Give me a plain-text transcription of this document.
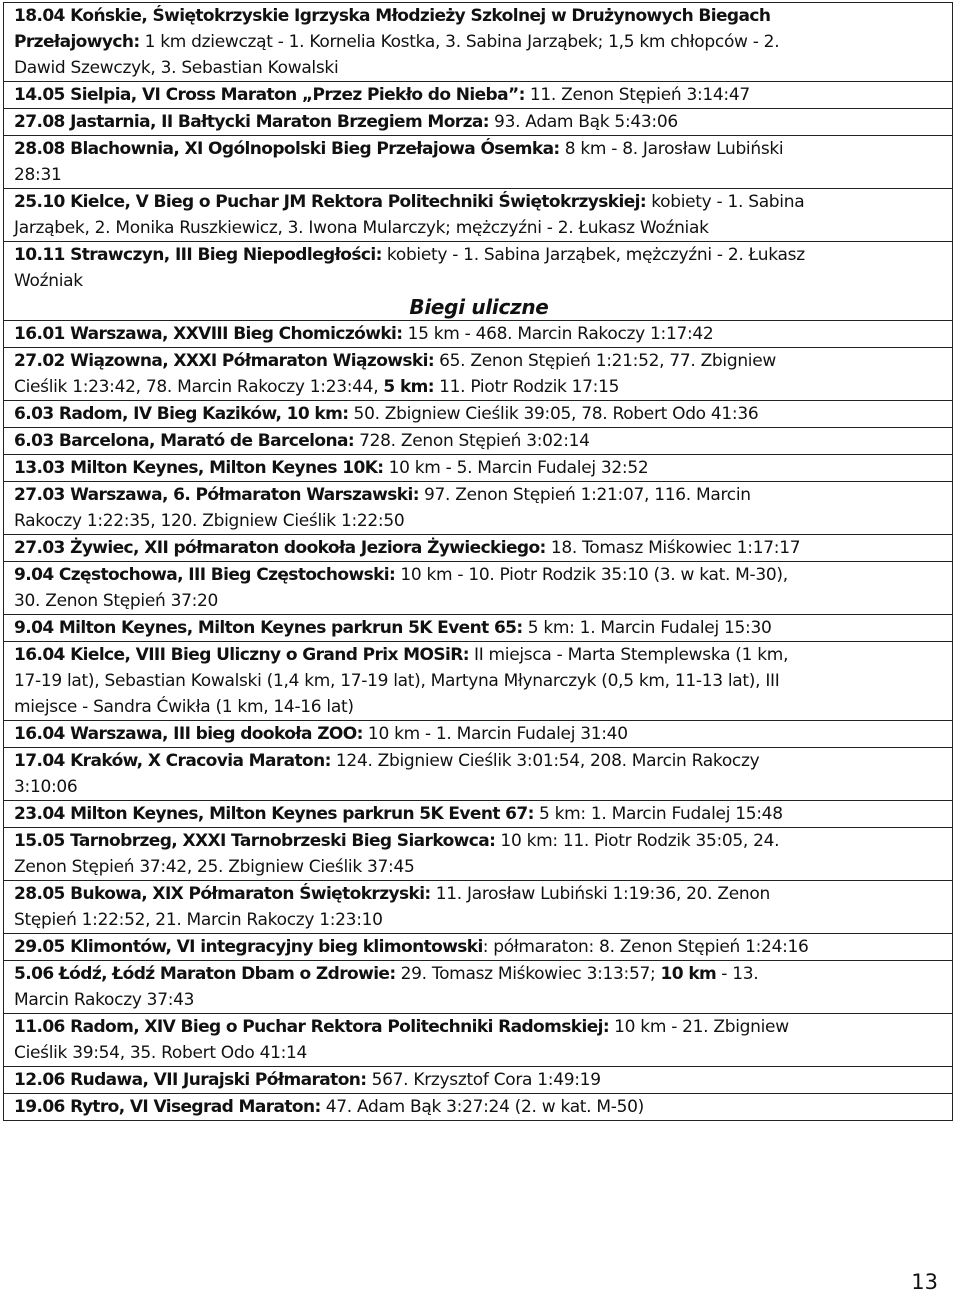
18.04 Końskie, Świętokrzyskie Igrzyska Młodzieży Szkolnej w Drużynowych Biegach
Przełajowych: 1 km dziewcząt - 1. Kornelia Kostka, 3. Sabina Jarząbek; 1,5 km chłopców - 2.
Dawid Szewczyk, 3. Sebastian Kowalski
14.05 Sielpia, VI Cross Maraton „Przez Piekło do Nieba”: 11. Zenon Stępień 3:14:47
27.08 Jastarnia, II Bałtycki Maraton Brzegiem Morza: 93. Adam Bąk 5:43:06
28.08 Blachownia, XI Ogólnopolski Bieg Przełajowa Ósemka: 8 km - 8. Jarosław Lubiński
28:31
25.10 Kielce, V Bieg o Puchar JM Rektora Politechniki Świętokrzyskiej: kobiety - 1. Sabina
Jarząbek, 2. Monika Ruszkiewicz, 3. Iwona Mularczyk; mężczyźni - 2. Łukasz Woźniak
10.11 Strawczyn, III Bieg Niepodległości: kobiety - 1. Sabina Jarząbek, mężczyźni - 2. Łukasz
Woźniak
Biegi uliczne
16.01 Warszawa, XXVIII Bieg Chomiczówki: 15 km - 468. Marcin Rakoczy 1:17:42
27.02 Wiązowna, XXXI Półmaraton Wiązowski: 65. Zenon Stępień 1:21:52, 77. Zbigniew
Cieślik 1:23:42, 78. Marcin Rakoczy 1:23:44, 5 km: 11. Piotr Rodzik 17:15
6.03 Radom, IV Bieg Kazików, 10 km: 50. Zbigniew Cieślik 39:05, 78. Robert Odo 41:36
6.03 Barcelona, Marató de Barcelona: 728. Zenon Stępień 3:02:14
13.03 Milton Keynes, Milton Keynes 10K: 10 km - 5. Marcin Fudalej 32:52
27.03 Warszawa, 6. Półmaraton Warszawski: 97. Zenon Stępień 1:21:07, 116. Marcin
Rakoczy 1:22:35, 120. Zbigniew Cieślik 1:22:50
27.03 Żywiec, XII półmaraton dookoła Jeziora Żywieckiego: 18. Tomasz Miśkowiec 1:17:17
9.04 Częstochowa, III Bieg Częstochowski: 10 km - 10. Piotr Rodzik 35:10 (3. w kat. M-30),
30. Zenon Stępień 37:20
9.04 Milton Keynes, Milton Keynes parkrun 5K Event 65: 5 km: 1. Marcin Fudalej 15:30
16.04 Kielce, VIII Bieg Uliczny o Grand Prix MOSiR: II miejsca - Marta Stemplewska (1 km,
17-19 lat), Sebastian Kowalski (1,4 km, 17-19 lat), Martyna Młynarczyk (0,5 km, 11-13 lat), III
miejsce - Sandra Ćwikła (1 km, 14-16 lat)
16.04 Warszawa, III bieg dookoła ZOO: 10 km - 1. Marcin Fudalej 31:40
17.04 Kraków, X Cracovia Maraton: 124. Zbigniew Cieślik 3:01:54, 208. Marcin Rakoczy
3:10:06
23.04 Milton Keynes, Milton Keynes parkrun 5K Event 67: 5 km: 1. Marcin Fudalej 15:48
15.05 Tarnobrzeg, XXXI Tarnobrzeski Bieg Siarkowca: 10 km: 11. Piotr Rodzik 35:05, 24.
Zenon Stępień 37:42, 25. Zbigniew Cieślik 37:45
28.05 Bukowa, XIX Półmaraton Świętokrzyski: 11. Jarosław Lubiński 1:19:36, 20. Zenon
Stępień 1:22:52, 21. Marcin Rakoczy 1:23:10
29.05 Klimontów, VI integracyjny bieg klimontowski: półmaraton: 8. Zenon Stępień 1:24:16
5.06 Łódź, Łódź Maraton Dbam o Zdrowie: 29. Tomasz Miśkowiec 3:13:57; 10 km - 13.
Marcin Rakoczy 37:43
11.06 Radom, XIV Bieg o Puchar Rektora Politechniki Radomskiej: 10 km - 21. Zbigniew
Cieślik 39:54, 35. Robert Odo 41:14
12.06 Rudawa, VII Jurajski Półmaraton: 567. Krzysztof Cora 1:49:19
19.06 Rytro, VI Visegrad Maraton: 47. Adam Bąk 3:27:24 (2. w kat. M-50)
13
